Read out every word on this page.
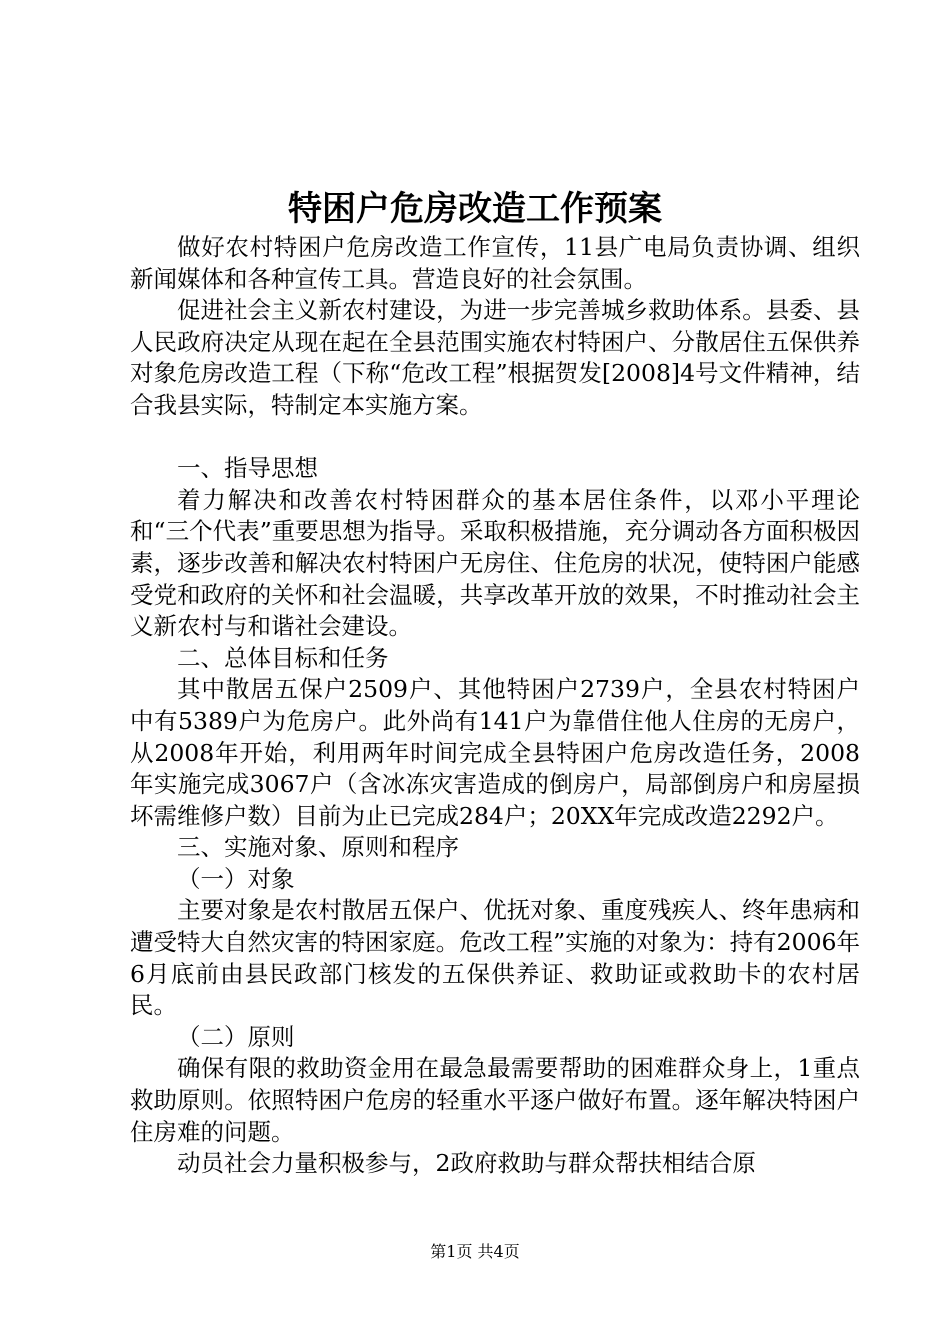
特困户危房改造工作预案

做好农村特困户危房改造工作宣传，11县广电局负责协调、组织新闻媒体和各种宣传工具。营造良好的社会氛围。

促进社会主义新农村建设，为进一步完善城乡救助体系。县委、县人民政府决定从现在起在全县范围实施农村特困户、分散居住五保供养对象危房改造工程（下称“危改工程”根据贺发[2008]4号文件精神，结合我县实际，特制定本实施方案。

一、指导思想

着力解决和改善农村特困群众的基本居住条件，以邓小平理论和“三个代表”重要思想为指导。采取积极措施，充分调动各方面积极因素，逐步改善和解决农村特困户无房住、住危房的状况，使特困户能感受党和政府的关怀和社会温暖，共享改革开放的效果，不时推动社会主义新农村与和谐社会建设。

二、总体目标和任务

其中散居五保户2509户、其他特困户2739户，全县农村特困户中有5389户为危房户。此外尚有141户为靠借住他人住房的无房户，从2008年开始，利用两年时间完成全县特困户危房改造任务，2008年实施完成3067户（含冰冻灾害造成的倒房户，局部倒房户和房屋损坏需维修户数）目前为止已完成284户；20XX年完成改造2292户。

三、实施对象、原则和程序

（一）对象

主要对象是农村散居五保户、优抚对象、重度残疾人、终年患病和遭受特大自然灾害的特困家庭。危改工程”实施的对象为：持有2006年6月底前由县民政部门核发的五保供养证、救助证或救助卡的农村居民。

（二）原则

确保有限的救助资金用在最急最需要帮助的困难群众身上，1重点救助原则。依照特困户危房的轻重水平逐户做好布置。逐年解决特困户住房难的问题。

动员社会力量积极参与，2政府救助与群众帮扶相结合原

第1页 共4页
